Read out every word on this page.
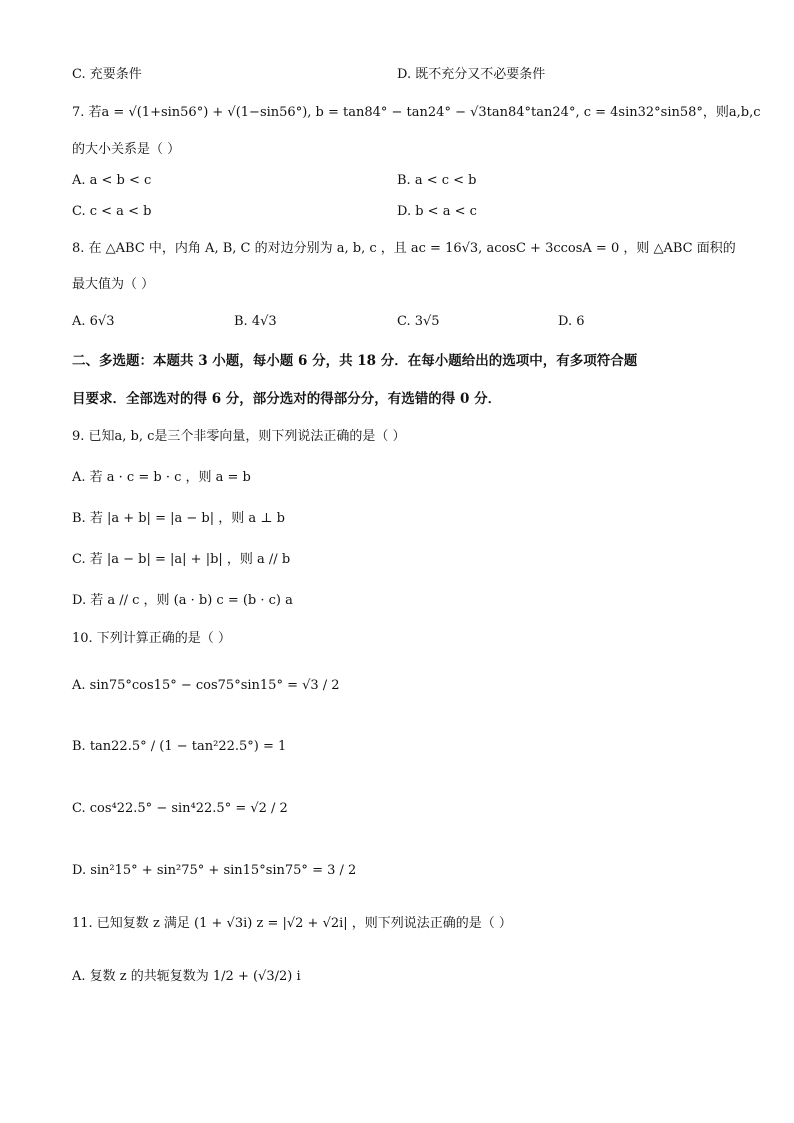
C. 充要条件	D. 既不充分又不必要条件
7. 若a = √(1+sin56°) + √(1−sin56°), b = tan84° − tan24° − √3tan84°tan24°, c = 4sin32°sin58°，则a,b,c
的大小关系是（ ）
A. a < b < c	B. a < c < b
C. c < a < b	D. b < a < c
8. 在 △ABC 中，内角 A, B, C 的对边分别为 a, b, c ，且 ac = 16√3, acosC + 3ccosA = 0 ，则 △ABC 面积的
最大值为（ ）
A. 6√3	B. 4√3	C. 3√5	D. 6
二、多选题：本题共 3 小题，每小题 6 分，共 18 分．在每小题给出的选项中，有多项符合题
目要求．全部选对的得 6 分，部分选对的得部分分，有选错的得 0 分．
9. 已知a, b, c是三个非零向量，则下列说法正确的是（ ）
A. 若 a · c = b · c ，则 a = b
B. 若 |a + b| = |a − b| ，则 a ⊥ b
C. 若 |a − b| = |a| + |b| ，则 a // b
D. 若 a // c ，则 (a · b) c = (b · c) a
10. 下列计算正确的是（ ）
A. sin75°cos15° − cos75°sin15° = √3 / 2
B. tan22.5° / (1 − tan²22.5°) = 1
C. cos⁴22.5° − sin⁴22.5° = √2 / 2
D. sin²15° + sin²75° + sin15°sin75° = 3 / 2
11. 已知复数 z 满足 (1 + √3i) z = |√2 + √2i| ，则下列说法正确的是（ ）
A. 复数 z 的共轭复数为 1/2 + (√3/2) i
